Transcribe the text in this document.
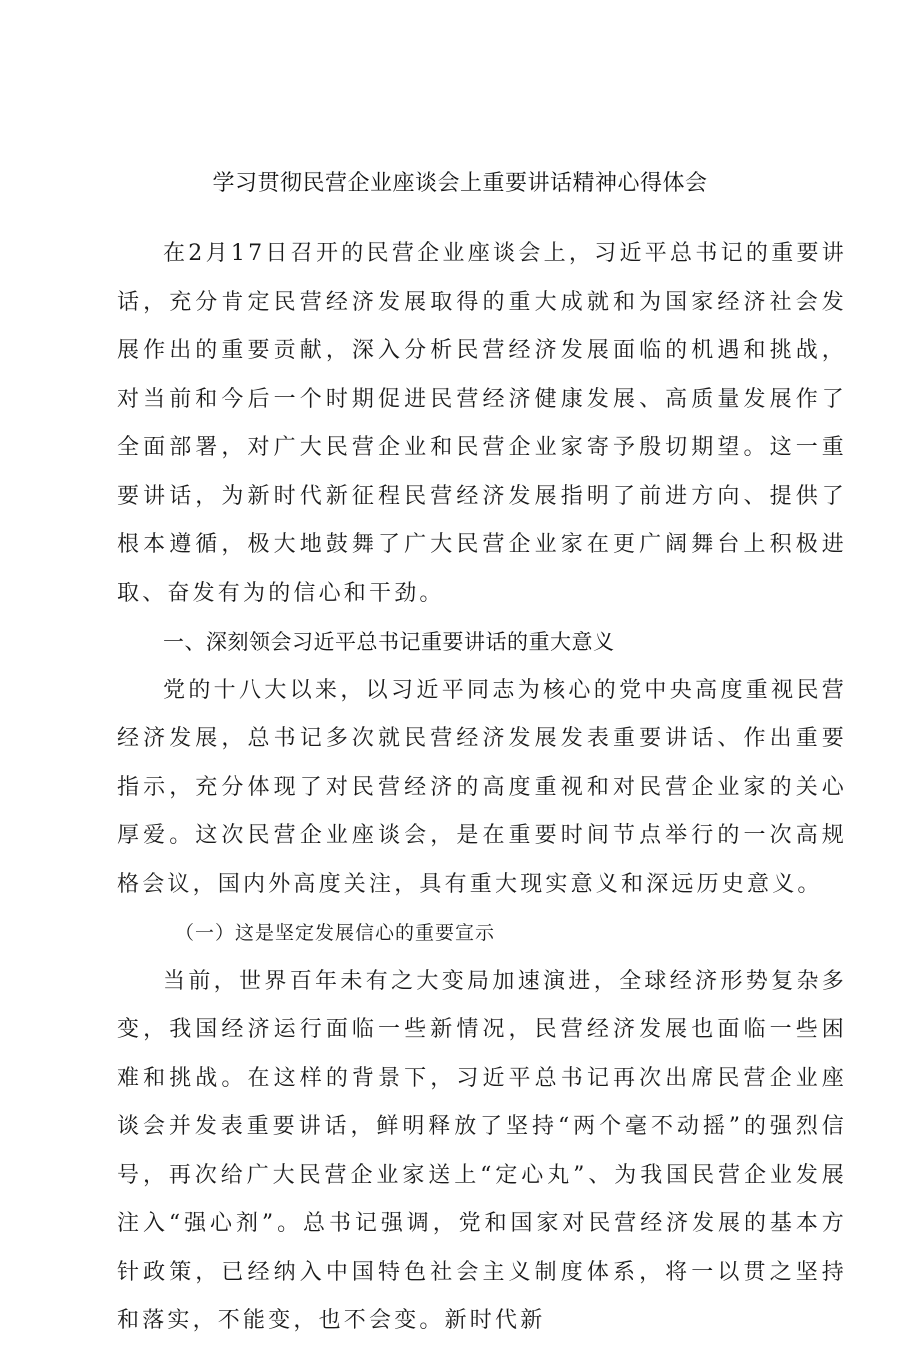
学习贯彻民营企业座谈会上重要讲话精神心得体会

在2月17日召开的民营企业座谈会上，习近平总书记的重要讲话，充分肯定民营经济发展取得的重大成就和为国家经济社会发展作出的重要贡献，深入分析民营经济发展面临的机遇和挑战，对当前和今后一个时期促进民营经济健康发展、高质量发展作了全面部署，对广大民营企业和民营企业家寄予殷切期望。这一重要讲话，为新时代新征程民营经济发展指明了前进方向、提供了根本遵循，极大地鼓舞了广大民营企业家在更广阔舞台上积极进取、奋发有为的信心和干劲。

一、深刻领会习近平总书记重要讲话的重大意义

党的十八大以来，以习近平同志为核心的党中央高度重视民营经济发展，总书记多次就民营经济发展发表重要讲话、作出重要指示，充分体现了对民营经济的高度重视和对民营企业家的关心厚爱。这次民营企业座谈会，是在重要时间节点举行的一次高规格会议，国内外高度关注，具有重大现实意义和深远历史意义。

（一）这是坚定发展信心的重要宣示

当前，世界百年未有之大变局加速演进，全球经济形势复杂多变，我国经济运行面临一些新情况，民营经济发展也面临一些困难和挑战。在这样的背景下，习近平总书记再次出席民营企业座谈会并发表重要讲话，鲜明释放了坚持“两个毫不动摇”的强烈信号，再次给广大民营企业家送上“定心丸”、为我国民营企业发展注入“强心剂”。总书记强调，党和国家对民营经济发展的基本方针政策，已经纳入中国特色社会主义制度体系，将一以贯之坚持和落实，不能变，也不会变。新时代新
